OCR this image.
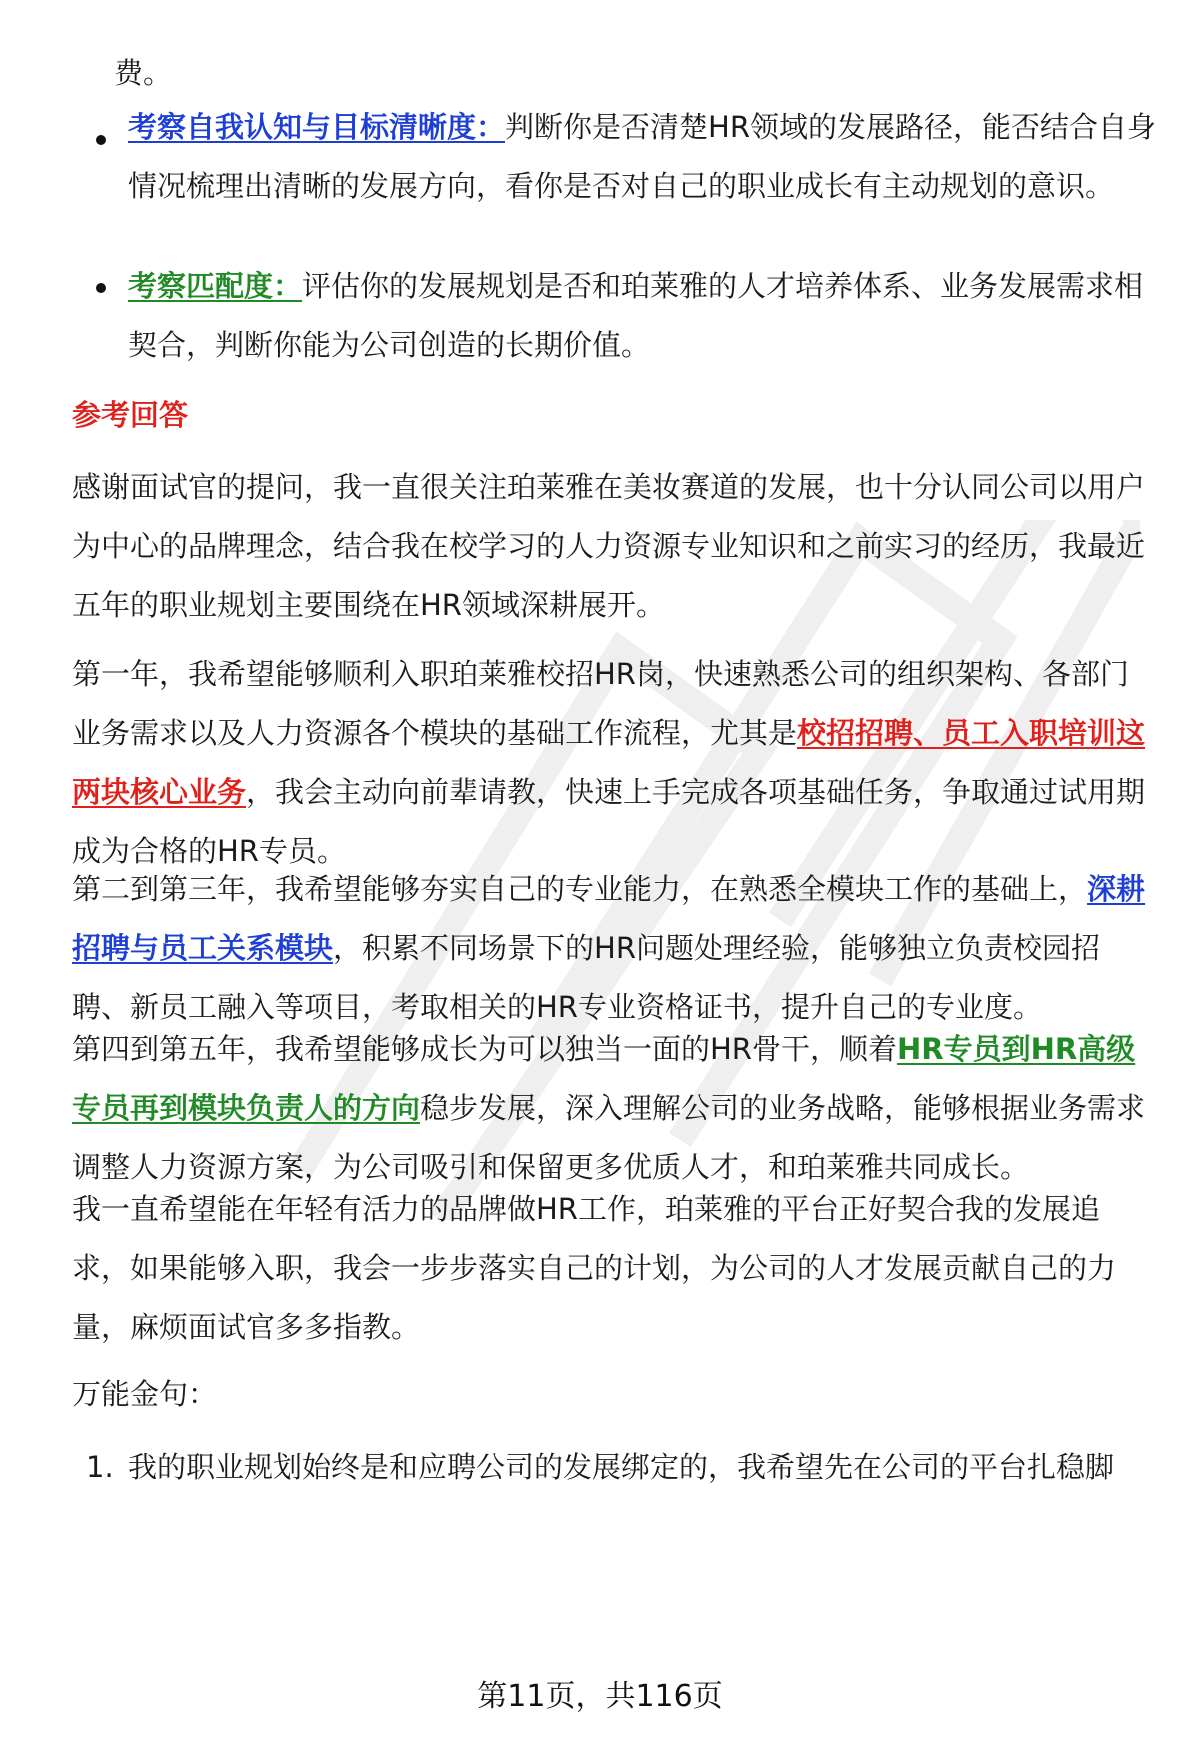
费。

考察自我认知与目标清晰度：判断你是否清楚HR领域的发展路径，能否结合自身情况梳理出清晰的发展方向，看你是否对自己的职业成长有主动规划的意识。

考察匹配度：评估你的发展规划是否和珀莱雅的人才培养体系、业务发展需求相契合，判断你能为公司创造的长期价值。

参考回答

感谢面试官的提问，我一直很关注珀莱雅在美妆赛道的发展，也十分认同公司以用户为中心的品牌理念，结合我在校学习的人力资源专业知识和之前实习的经历，我最近五年的职业规划主要围绕在HR领域深耕展开。

第一年，我希望能够顺利入职珀莱雅校招HR岗，快速熟悉公司的组织架构、各部门业务需求以及人力资源各个模块的基础工作流程，尤其是校招招聘、员工入职培训这两块核心业务，我会主动向前辈请教，快速上手完成各项基础任务，争取通过试用期成为合格的HR专员。

第二到第三年，我希望能够夯实自己的专业能力，在熟悉全模块工作的基础上，深耕招聘与员工关系模块，积累不同场景下的HR问题处理经验，能够独立负责校园招聘、新员工融入等项目，考取相关的HR专业资格证书，提升自己的专业度。

第四到第五年，我希望能够成长为可以独当一面的HR骨干，顺着HR专员到HR高级专员再到模块负责人的方向稳步发展，深入理解公司的业务战略，能够根据业务需求调整人力资源方案，为公司吸引和保留更多优质人才，和珀莱雅共同成长。

我一直希望能在年轻有活力的品牌做HR工作，珀莱雅的平台正好契合我的发展追求，如果能够入职，我会一步步落实自己的计划，为公司的人才发展贡献自己的力量，麻烦面试官多多指教。

万能金句：

1. 我的职业规划始终是和应聘公司的发展绑定的，我希望先在公司的平台扎稳脚

第11页，共116页
